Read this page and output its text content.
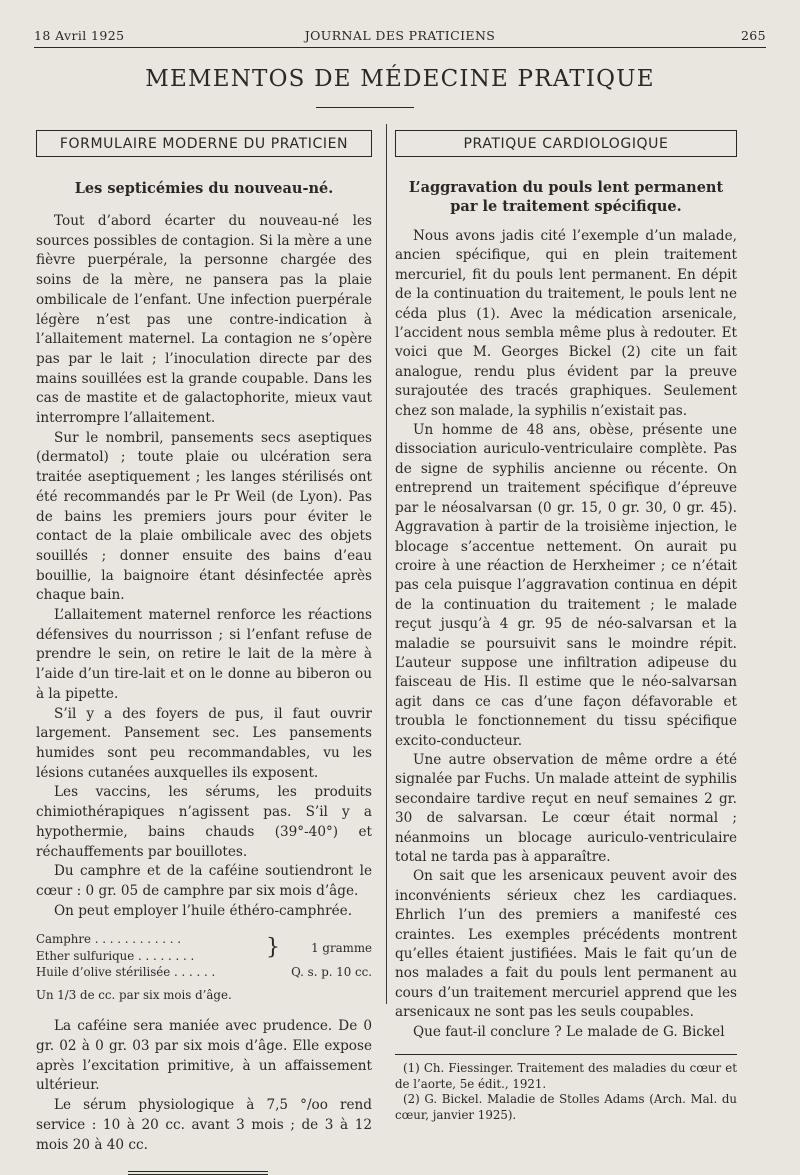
18 Avril 1925	JOURNAL DES PRATICIENS	265
MEMENTOS DE MÉDECINE PRATIQUE
FORMULAIRE MODERNE DU PRATICIEN
Les septicémies du nouveau-né.

Tout d’abord écarter du nouveau-né les sources possibles de contagion. Si la mère a une fièvre puerpérale, la personne chargée des soins de la mère, ne pansera pas la plaie ombilicale de l’enfant. Une infection puerpérale légère n’est pas une contre-indication à l’allaitement maternel. La contagion ne s’opère pas par le lait ; l’inoculation directe par des mains souillées est la grande coupable. Dans les cas de mastite et de galactophorite, mieux vaut interrompre l’allaitement.

Sur le nombril, pansements secs aseptiques (dermatol) ; toute plaie ou ulcération sera traitée aseptiquement ; les langes stérilisés ont été recommandés par le Pr Weil (de Lyon). Pas de bains les premiers jours pour éviter le contact de la plaie ombilicale avec des objets souillés ; donner ensuite des bains d’eau bouillie, la baignoire étant désinfectée après chaque bain.

L’allaitement maternel renforce les réactions défensives du nourrisson ; si l’enfant refuse de prendre le sein, on retire le lait de la mère à l’aide d’un tire-lait et on le donne au biberon ou à la pipette.

S’il y a des foyers de pus, il faut ouvrir largement. Pansement sec. Les pansements humides sont peu recommandables, vu les lésions cutanées auxquelles ils exposent.

Les vaccins, les sérums, les produits chimiothérapiques n’agissent pas. S’il y a hypothermie, bains chauds (39°-40°) et réchauffements par bouillotes.

Du camphre et de la caféine soutiendront le cœur : 0 gr. 05 de camphre par six mois d’âge.

On peut employer l’huile éthéro-camphrée.

Camphre . . . . . . . . . . . .	}	1 gramme
Ether sulfurique . . . . . . . .		
Huile d’olive stérilisée . . . . . .		Q. s. p. 10 cc.
Un 1/3 de cc. par six mois d’âge.

La caféine sera maniée avec prudence. De 0 gr. 02 à 0 gr. 03 par six mois d’âge. Elle expose après l’excitation primitive, à un affaissement ultérieur.

Le sérum physiologique à 7,5 °/oo rend service : 10 à 20 cc. avant 3 mois ; de 3 à 12 mois 20 à 40 cc.

PRATIQUE CARDIOLOGIQUE
L’aggravation du pouls lent permanent
par le traitement spécifique.

Nous avons jadis cité l’exemple d’un malade, ancien spécifique, qui en plein traitement mercuriel, fit du pouls lent permanent. En dépit de la continuation du traitement, le pouls lent ne céda plus (1). Avec la médication arsenicale, l’accident nous sembla même plus à redouter. Et voici que M. Georges Bickel (2) cite un fait analogue, rendu plus évident par la preuve surajoutée des tracés graphiques. Seulement chez son malade, la syphilis n’existait pas.

Un homme de 48 ans, obèse, présente une dissociation auriculo-ventriculaire complète. Pas de signe de syphilis ancienne ou récente. On entreprend un traitement spécifique d’épreuve par le néosalvarsan (0 gr. 15, 0 gr. 30, 0 gr. 45). Aggravation à partir de la troisième injection, le blocage s’accentue nettement. On aurait pu croire à une réaction de Herxheimer ; ce n’était pas cela puisque l’aggravation continua en dépit de la continuation du traitement ; le malade reçut jusqu’à 4 gr. 95 de néo-salvarsan et la maladie se poursuivit sans le moindre répit. L’auteur suppose une infiltration adipeuse du faisceau de His. Il estime que le néo-salvarsan agit dans ce cas d’une façon défavorable et troubla le fonctionnement du tissu spécifique excito-conducteur.

Une autre observation de même ordre a été signalée par Fuchs. Un malade atteint de syphilis secondaire tardive reçut en neuf semaines 2 gr. 30 de salvarsan. Le cœur était normal ; néanmoins un blocage auriculo-ventriculaire total ne tarda pas à apparaître.

On sait que les arsenicaux peuvent avoir des inconvénients sérieux chez les cardiaques. Ehrlich l’un des premiers a manifesté ces craintes. Les exemples précédents montrent qu’elles étaient justifiées. Mais le fait qu’un de nos malades a fait du pouls lent permanent au cours d’un traitement mercuriel apprend que les arsenicaux ne sont pas les seuls coupables.

Que faut-il conclure ? Le malade de G. Bickel

(1) Ch. Fiessinger. Traitement des maladies du cœur et de l’aorte, 5e édit., 1921.

(2) G. Bickel. Maladie de Stolles Adams (Arch. Mal. du cœur, janvier 1925).
